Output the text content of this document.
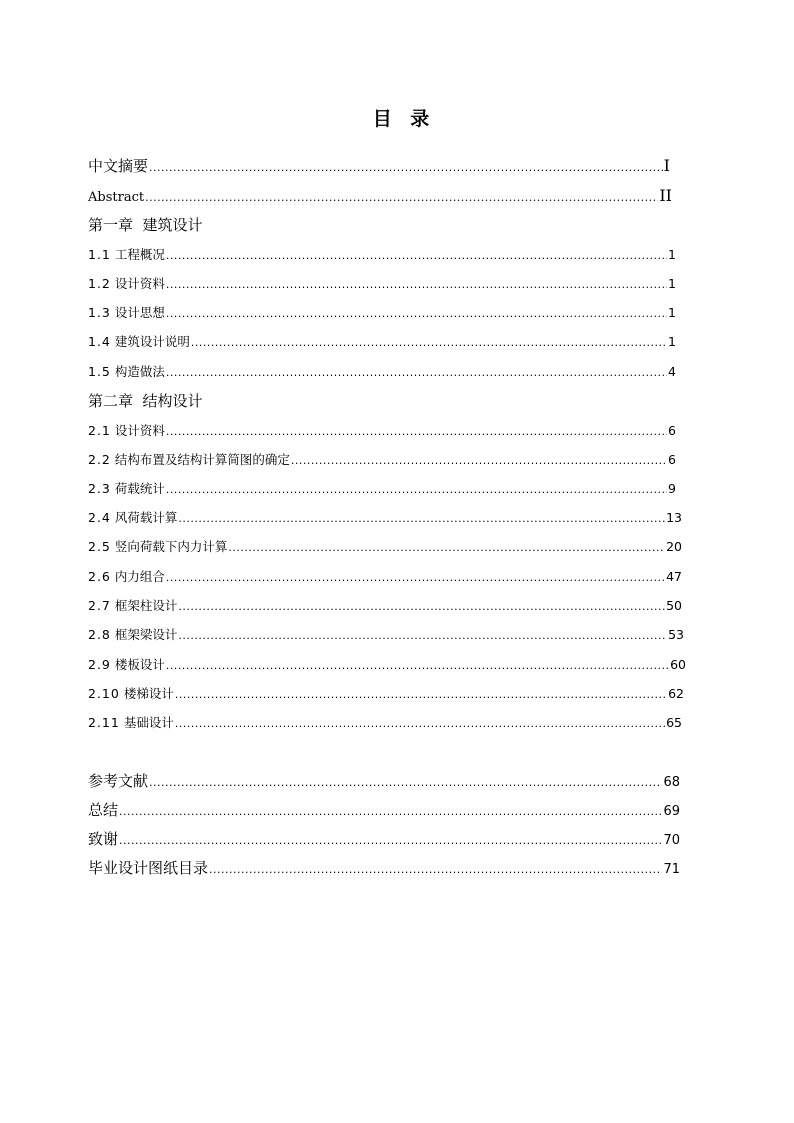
目 录
中文摘要 .....	I
Abstract .....	II
第一章  建筑设计
1.1 工程概况 .....	1
1.2 设计资料 .....	1
1.3 设计思想 .....	1
1.4 建筑设计说明 .....	1
1.5 构造做法 .....	4
第二章  结构设计
2.1 设计资料 .....	6
2.2 结构布置及结构计算简图的确定 .....	6
2.3 荷载统计 .....	9
2.4 风荷载计算 .....	13
2.5 竖向荷载下内力计算 .....	20
2.6 内力组合 .....	47
2.7 框架柱设计 .....	50
2.8 框架梁设计 .....	53
2.9 楼板设计 .....	60
2.10 楼梯设计 .....	62
2.11 基础设计 .....	65
参考文献 .....	68
总结 .....	69
致谢 .....	70
毕业设计图纸目录 .....	71
